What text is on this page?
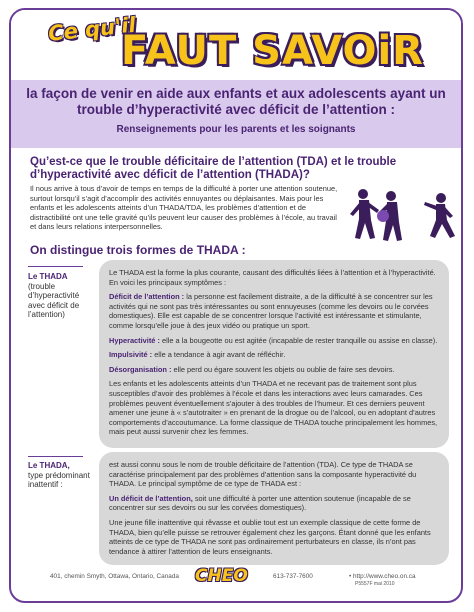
Ce qu'il
FAUT SAVOiR
la façon de venir en aide aux enfants et aux adolescents ayant un trouble d’hyperactivité avec déficit de l’attention :
Renseignements pour les parents et les soignants
Qu’est-ce que le trouble déficitaire de l’attention (TDA) et le trouble d’hyperactivité avec déficit de l’attention (THADA)?
Il nous arrive à tous d’avoir de temps en temps de la difficulté à porter une attention soutenue, surtout lorsqu’il s’agit d’accomplir des activités ennuyantes ou déplaisantes. Mais pour les enfants et les adolescents atteints d’un THADA/TDA, les problèmes d’attention et de distractibilité ont une telle gravité qu’ils peuvent leur causer des problèmes à l’école, au travail et dans leurs relations interpersonnelles.
On distingue trois formes de THADA :
Le THADA
(trouble d’hyperactivité avec déficit de l’attention)

Le THADA est la forme la plus courante, causant des difficultés liées à l’attention et à l’hyperactivité. En voici les principaux symptômes :

Déficit de l’attention : la personne est facilement distraite, a de la difficulté à se concentrer sur les activités qui ne sont pas très intéressantes ou sont ennuyeuses (comme les devoirs ou le corvées domestiques). Elle est capable de se concentrer lorsque l’activité est intéressante et stimulante, comme lorsqu’elle joue à des jeux vidéo ou pratique un sport.

Hyperactivité : elle a la bougeotte ou est agitée (incapable de rester tranquille ou assise en classe).

Impulsivité : elle a tendance à agir avant de réfléchir.

Désorganisation : elle perd ou égare souvent les objets ou oublie de faire ses devoirs.

Les enfants et les adolescents atteints d’un THADA et ne recevant pas de traitement sont plus susceptibles d’avoir des problèmes à l’école et dans les interactions avec leurs camarades. Ces problèmes peuvent éventuellement s’ajouter à des troubles de l’humeur. Et ces derniers peuvent amener une jeune à « s’autotraiter » en prenant de la drogue ou de l’alcool, ou en adoptant d’autres comportements d’accoutumance. La forme classique de THADA touche principalement les hommes, mais peut aussi survenir chez les femmes.

Le THADA,
type prédominant inattentif :

est aussi connu sous le nom de trouble déficitaire de l’attention (TDA). Ce type de THADA se caractérise principalement par des problèmes d’attention sans la composante hyperactivité du THADA. Le principal symptôme de ce type de THADA est :

Un déficit de l’attention, soit une difficulté à porter une attention soutenue (incapable de se concentrer sur ses devoirs ou sur les corvées domestiques).

Une jeune fille inattentive qui rêvasse et oublie tout est un exemple classique de cette forme de THADA, bien qu’elle puisse se retrouver également chez les garçons. Étant donné que les enfants atteints de ce type de THADA ne sont pas ordinairement perturbateurs en classe, ils n’ont pas tendance à attirer l’attention de leurs enseignants.

401, chemin Smyth, Ottawa, Ontario, Canada CHEO	613-737-7600	• http://www.cheo.on.ca
P5557F mai 2010
